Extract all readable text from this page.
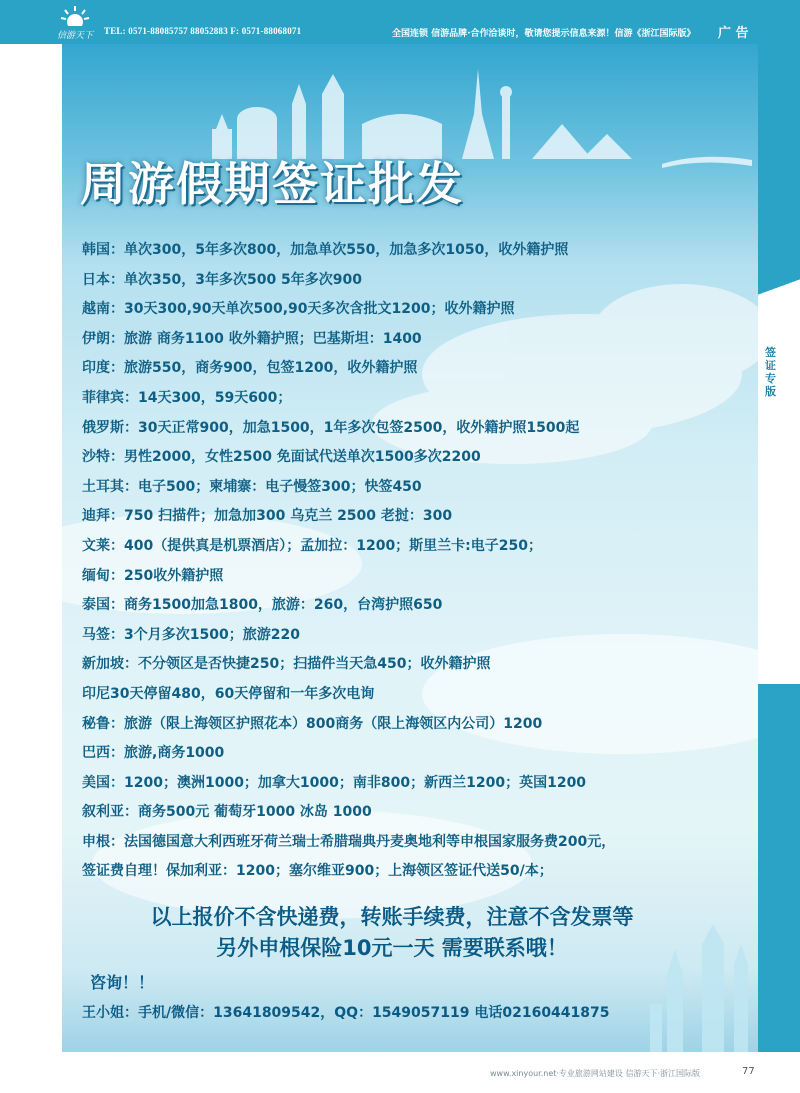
信游天下	TEL: 0571-88085757 88052883 F: 0571-88068071	全国连锁 信游品牌·合作洽谈时，敬请您提示信息来源！信游《浙江国际版》 广 告
签证专版
周游假期签证批发
韩国：单次300，5年多次800，加急单次550，加急多次1050，收外籍护照
日本：单次350，3年多次500 5年多次900
越南：30天300,90天单次500,90天多次含批文1200；收外籍护照
伊朗：旅游 商务1100 收外籍护照；巴基斯坦：1400
印度：旅游550，商务900，包签1200，收外籍护照
菲律宾：14天300，59天600；
俄罗斯：30天正常900，加急1500，1年多次包签2500，收外籍护照1500起
沙特：男性2000，女性2500 免面试代送单次1500多次2200
土耳其：电子500；柬埔寨：电子慢签300；快签450
迪拜：750 扫描件；加急加300 乌克兰 2500 老挝：300
文莱：400（提供真是机票酒店）；孟加拉：1200；斯里兰卡:电子250；
缅甸：250收外籍护照
泰国：商务1500加急1800，旅游：260，台湾护照650
马签：3个月多次1500；旅游220
新加坡：不分领区是否快捷250；扫描件当天急450；收外籍护照
印尼30天停留480，60天停留和一年多次电询
秘鲁：旅游（限上海领区护照花本）800商务（限上海领区内公司）1200
巴西：旅游,商务1000
美国：1200；澳洲1000；加拿大1000；南非800；新西兰1200；英国1200
叙利亚：商务500元 葡萄牙1000 冰岛 1000
申根：法国德国意大利西班牙荷兰瑞士希腊瑞典丹麦奥地利等申根国家服务费200元，
签证费自理！保加利亚：1200；塞尔维亚900；上海领区签证代送50/本；
以上报价不含快递费，转账手续费，注意不含发票等
另外申根保险10元一天 需要联系哦！
咨询！！
王小姐：手机/微信：13641809542，QQ：1549057119 电话02160441875
www.xinyour.net·专业旅游网站建设 信游天下·浙江国际版	77
